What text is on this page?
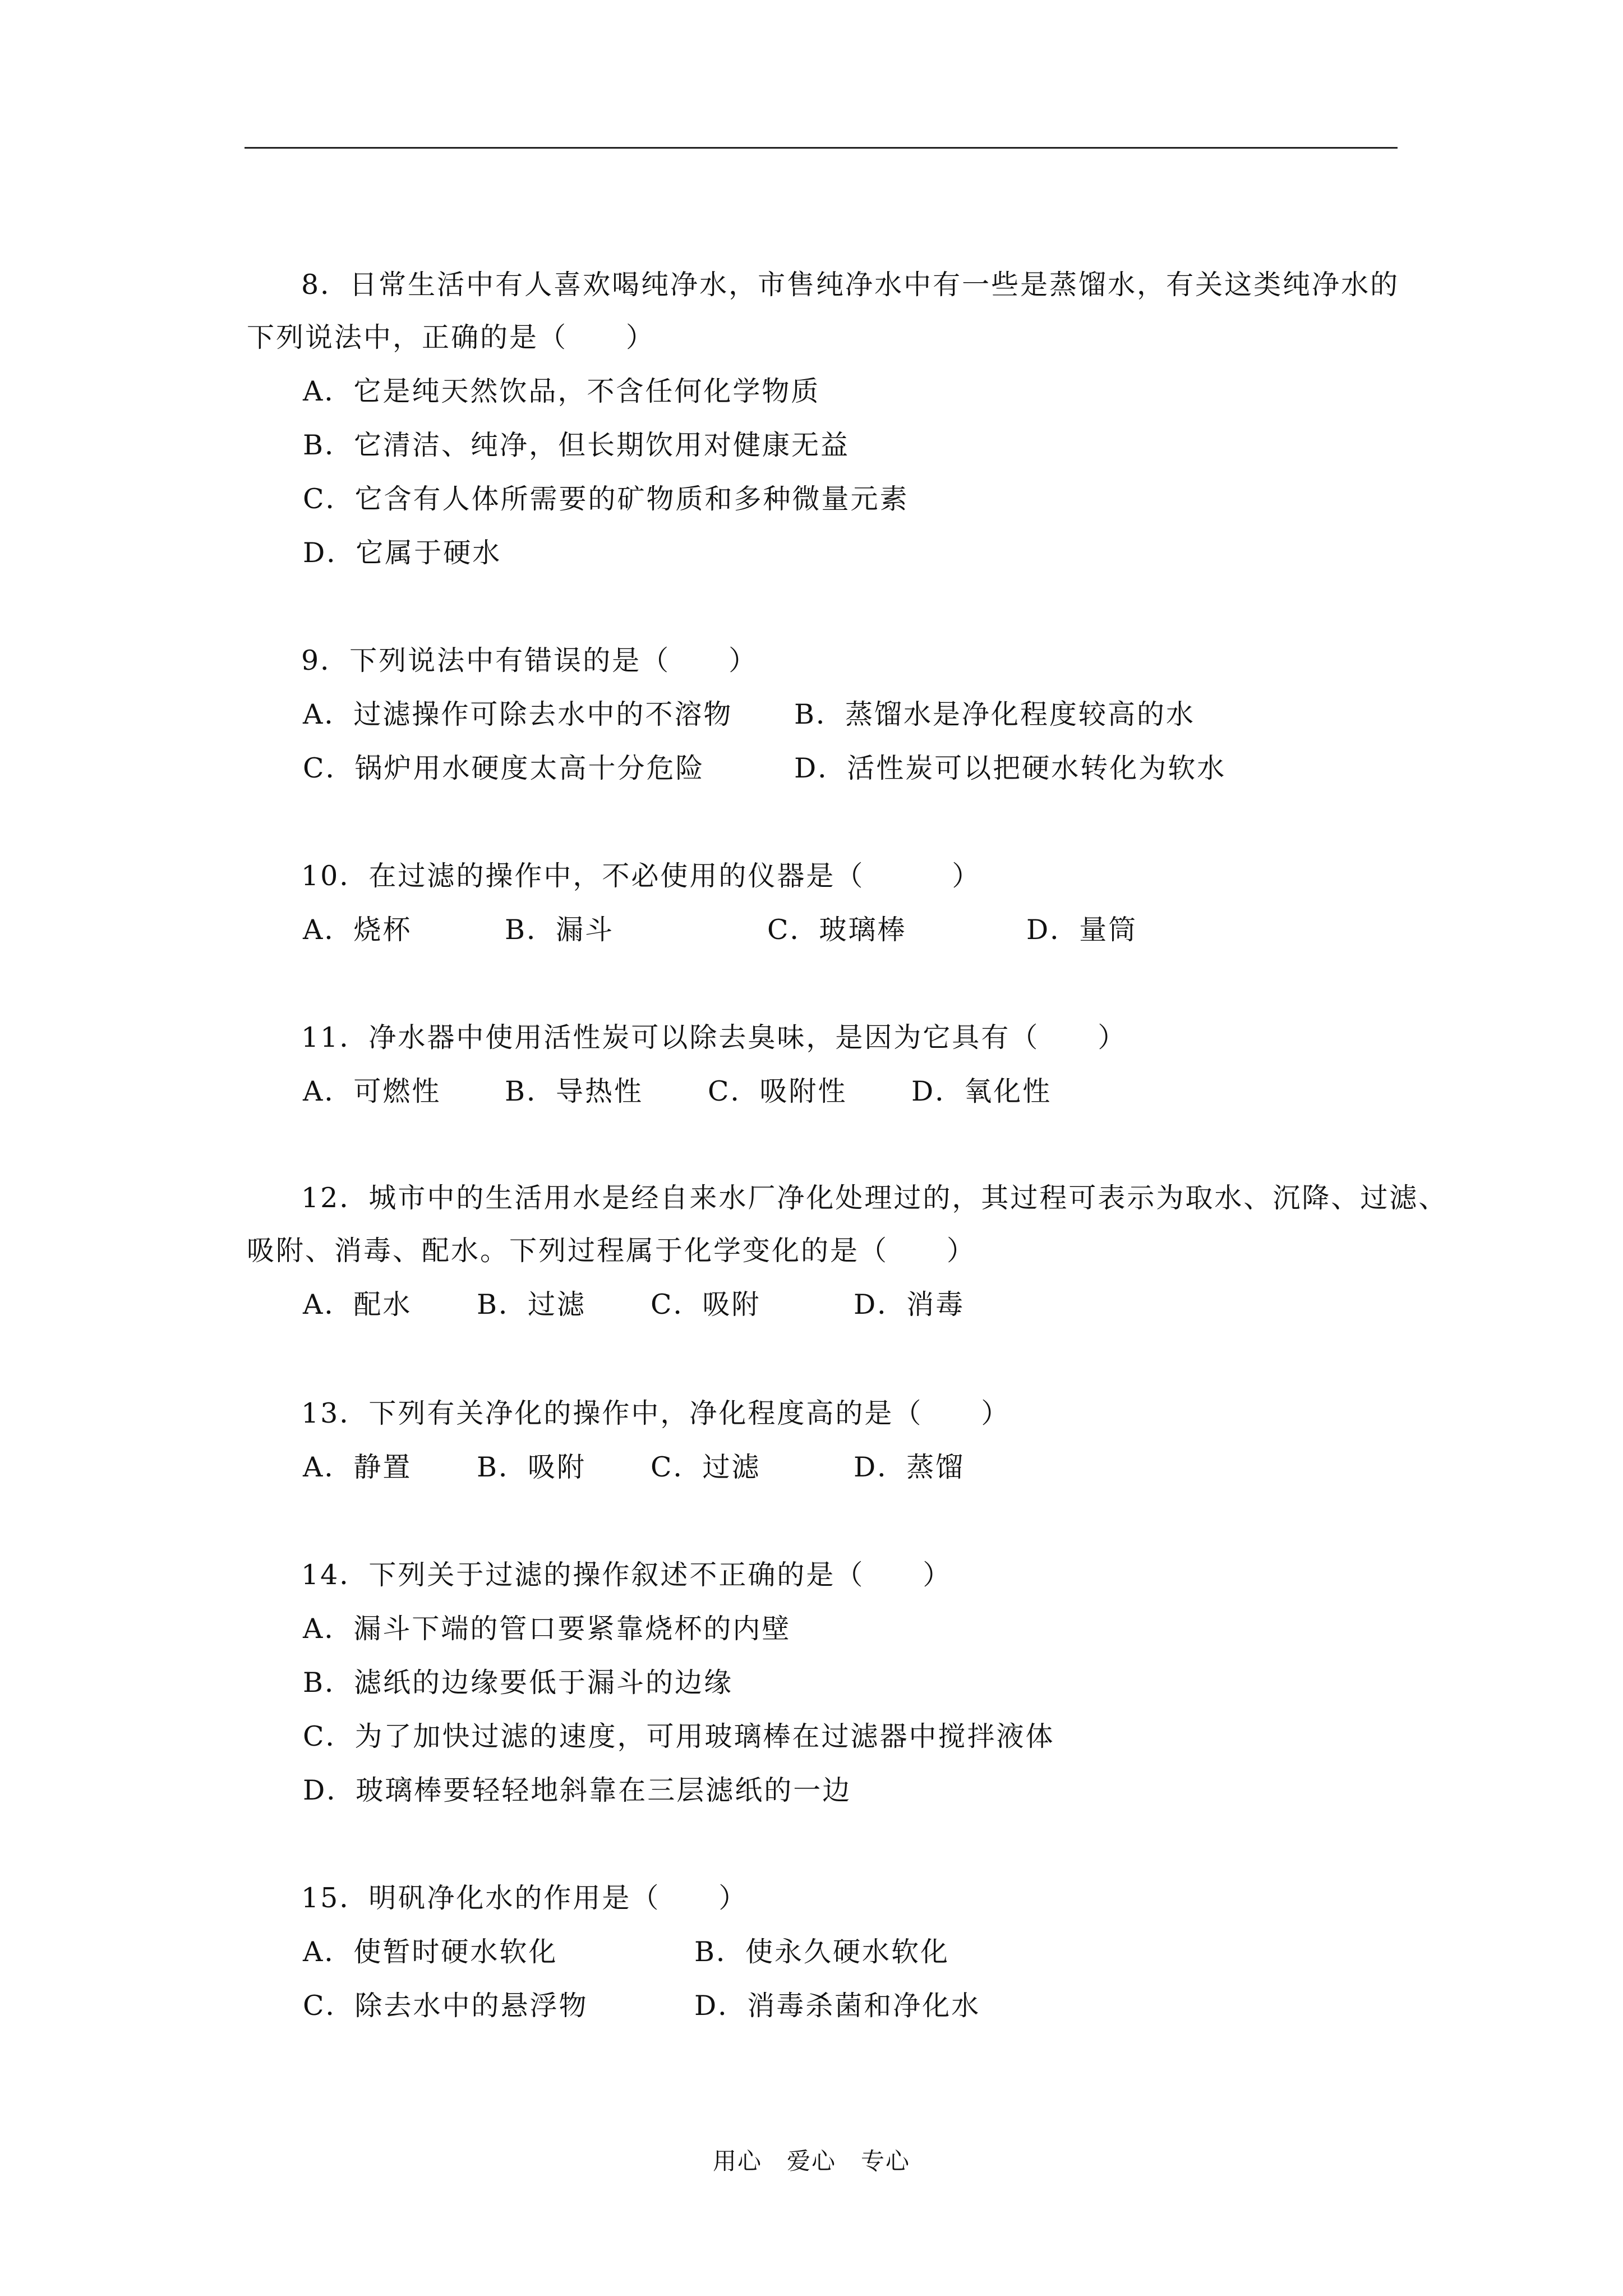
8．日常生活中有人喜欢喝纯净水，市售纯净水中有一些是蒸馏水，有关这类纯净水的
下列说法中，正确的是（　　）
A．它是纯天然饮品，不含任何化学物质
B．它清洁、纯净，但长期饮用对健康无益
C．它含有人体所需要的矿物质和多种微量元素
D．它属于硬水
9．下列说法中有错误的是（　　）
A．过滤操作可除去水中的不溶物 B．蒸馏水是净化程度较高的水
C．锅炉用水硬度太高十分危险	D．活性炭可以把硬水转化为软水
10．在过滤的操作中，不必使用的仪器是（　　　）
A．烧杯	B．漏斗	C．玻璃棒	D．量筒
11．净水器中使用活性炭可以除去臭味，是因为它具有（　　）
A．可燃性 B．导热性 C．吸附性 D．氧化性
12．城市中的生活用水是经自来水厂净化处理过的，其过程可表示为取水、沉降、过滤、
吸附、消毒、配水。下列过程属于化学变化的是（　　）
A．配水 B．过滤 C．吸附	D．消毒
13．下列有关净化的操作中，净化程度高的是（　　）
A．静置 B．吸附 C．过滤	D．蒸馏
14．下列关于过滤的操作叙述不正确的是（　　）
A．漏斗下端的管口要紧靠烧杯的内壁
B．滤纸的边缘要低于漏斗的边缘
C．为了加快过滤的速度，可用玻璃棒在过滤器中搅拌液体
D．玻璃棒要轻轻地斜靠在三层滤纸的一边
15．明矾净化水的作用是（　　）
A．使暂时硬水软化	B．使永久硬水软化
C．除去水中的悬浮物	D．消毒杀菌和净化水
用心　爱心　专心
